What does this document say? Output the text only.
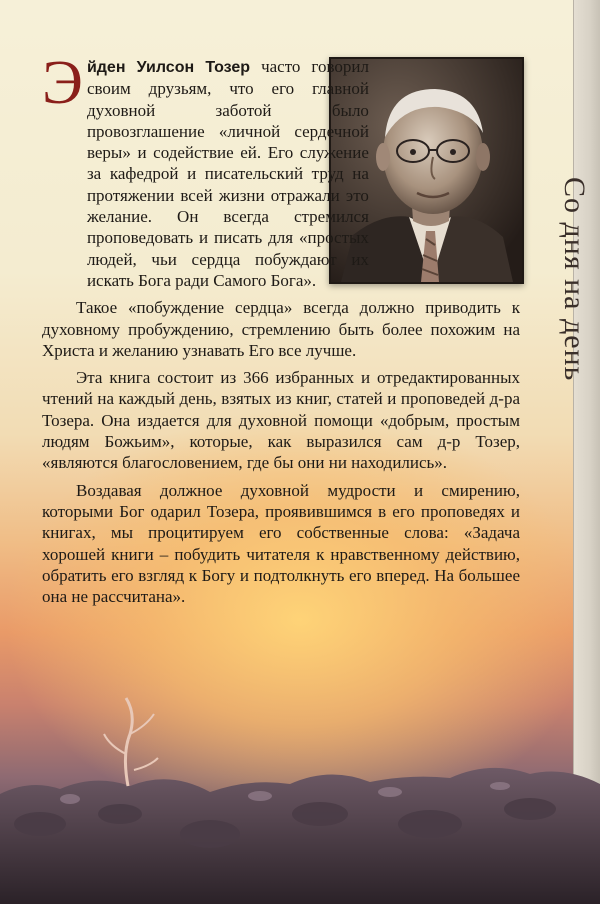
Со дня на день

Э йден Уилсон Тозер часто говорил своим друзьям, что его главной духовной заботой было провозглашение «личной сердечной веры» и содействие ей. Его служение за кафедрой и писательский труд на протяжении всей жизни отражали это желание. Он всегда стремился проповедовать и писать для «простых людей, чьи сердца побуждают их искать Бога ради Самого Бога».

Такое «побуждение сердца» всегда должно приводить к духовному пробуждению, стремлению быть более похожим на Христа и желанию узнавать Его все лучше.

Эта книга состоит из 366 избранных и отредактированных чтений на каждый день, взятых из книг, статей и проповедей д-ра Тозера. Она издается для духовной помощи «добрым, простым людям Божьим», которые, как выразился сам д-р Тозер, «являются благословением, где бы они ни находились».

Воздавая должное духовной мудрости и смирению, которыми Бог одарил Тозера, проявившимся в его проповедях и книгах, мы процитируем его собственные слова: «Задача хорошей книги – побудить читателя к нравственному действию, обратить его взгляд к Богу и подтолкнуть его вперед. На большее она не рассчитана».
